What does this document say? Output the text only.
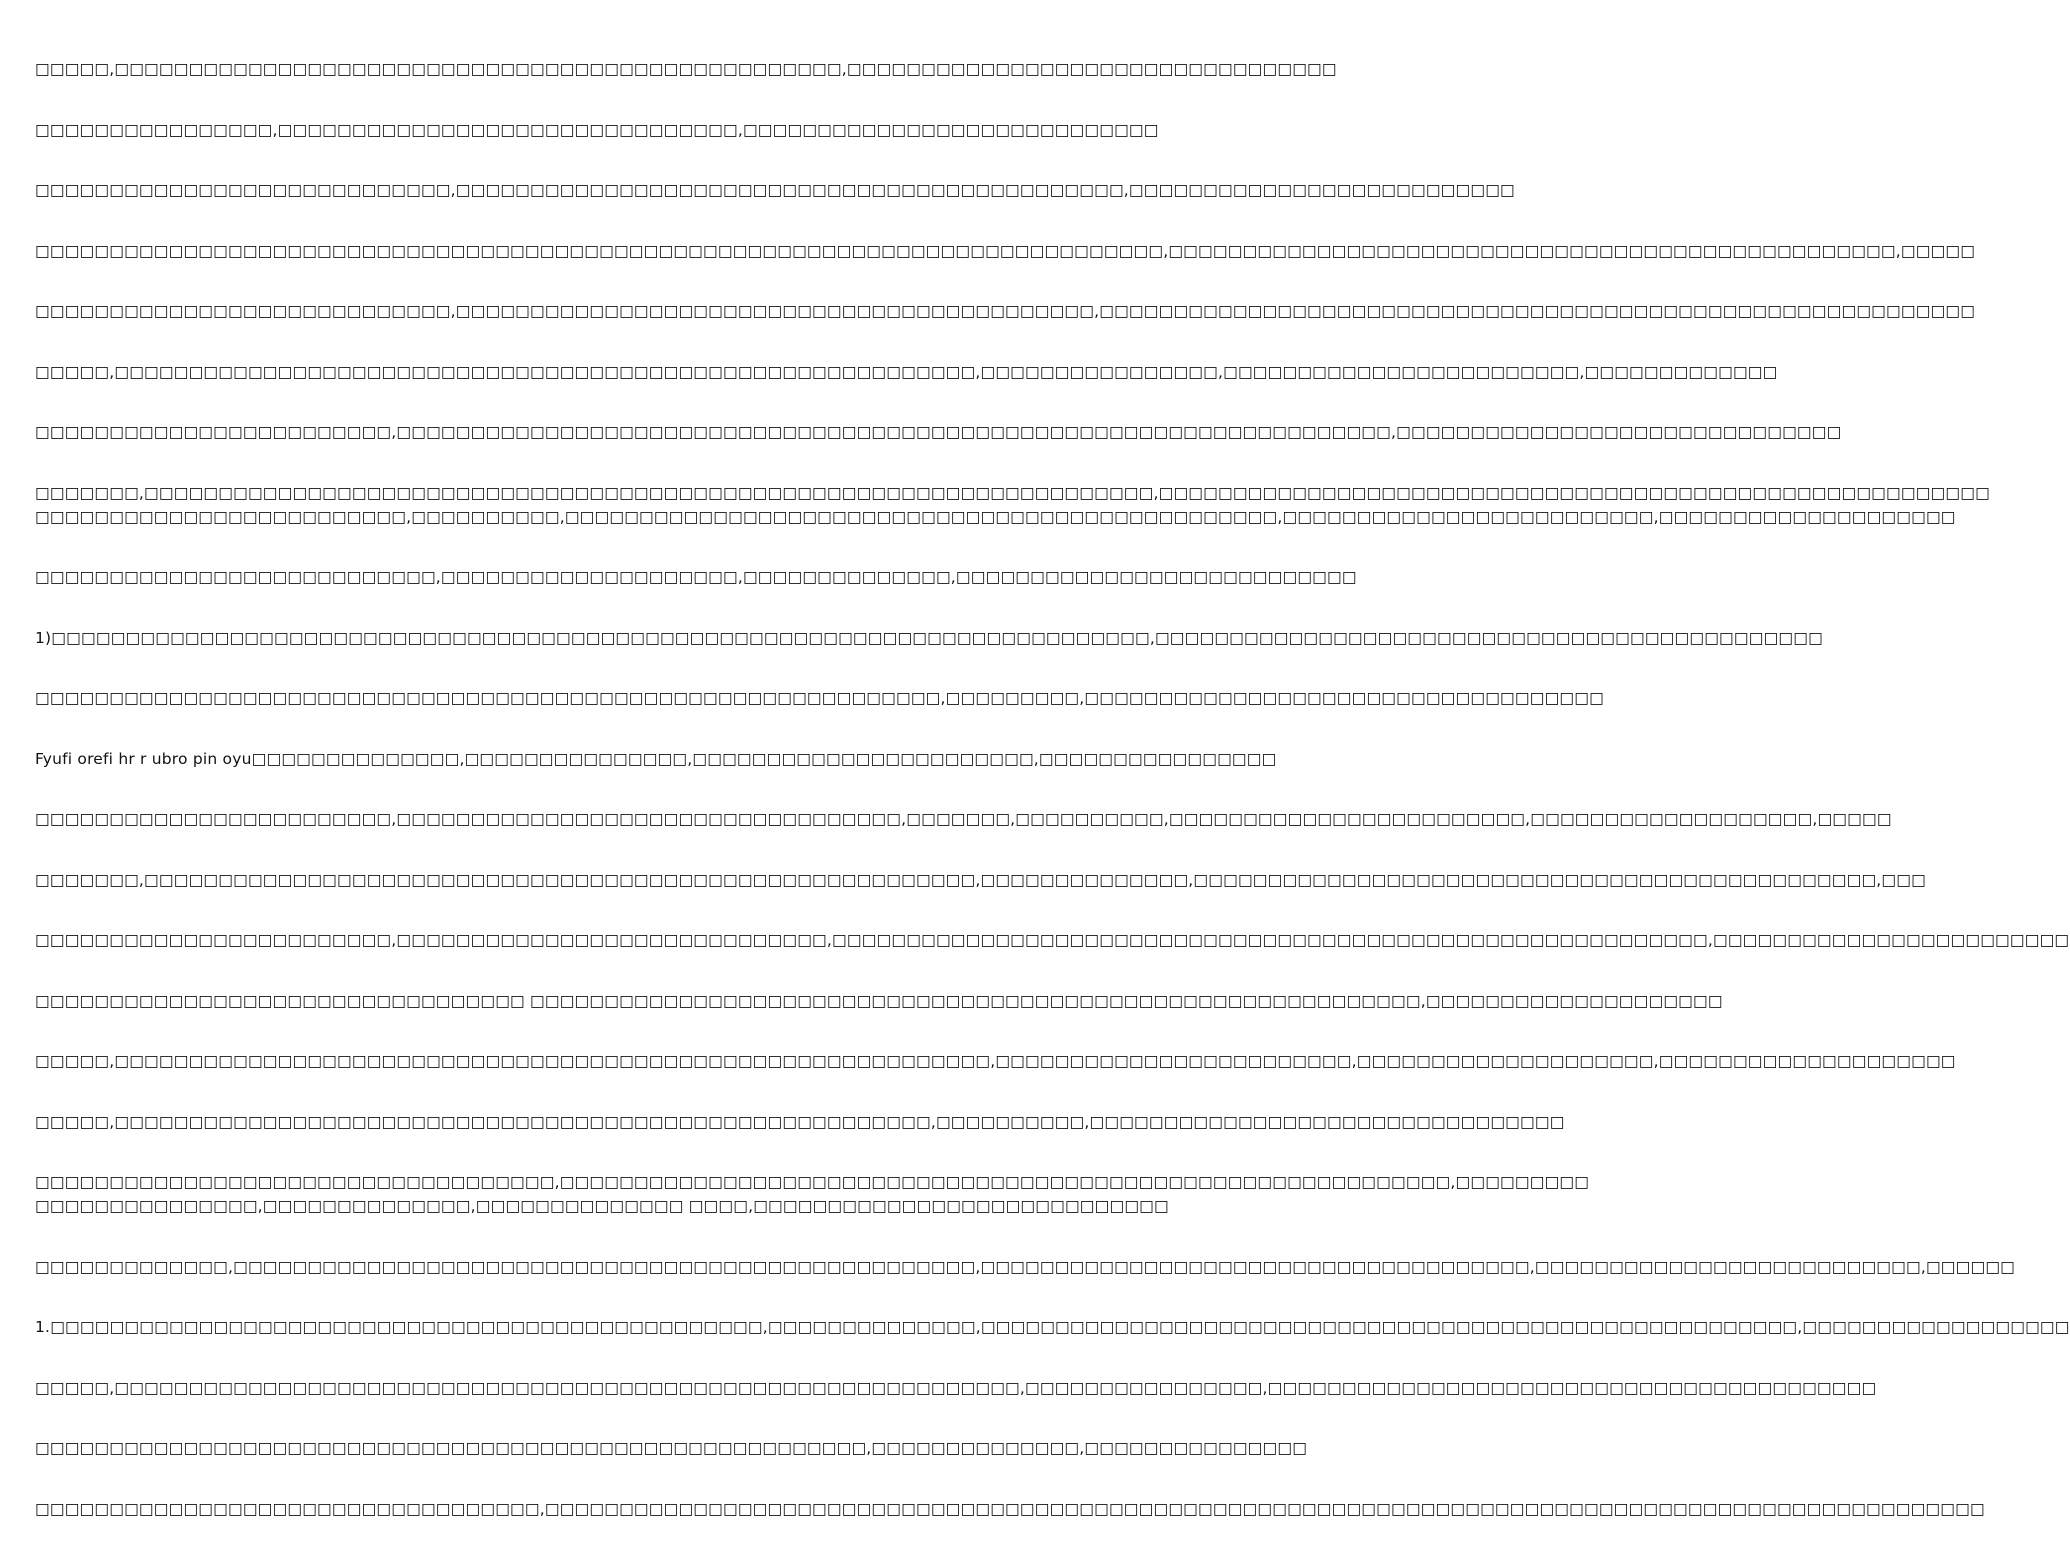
□□□□□,□□□□□□□□□□□□□□□□□□□□□□□□□□□□□□□□□□□□□□□□□□□□□□□□□,□□□□□□□□□□□□□□□□□□□□□□□□□□□□□□□□□

□□□□□□□□□□□□□□□□,□□□□□□□□□□□□□□□□□□□□□□□□□□□□□□□,□□□□□□□□□□□□□□□□□□□□□□□□□□□□

□□□□□□□□□□□□□□□□□□□□□□□□□□□□,□□□□□□□□□□□□□□□□□□□□□□□□□□□□□□□□□□□□□□□□□□□□□,□□□□□□□□□□□□□□□□□□□□□□□□□□

□□□□□□□□□□□□□□□□□□□□□□□□□□□□□□□□□□□□□□□□□□□□□□□□□□□□□□□□□□□□□□□□□□□□□□□□□□□□,□□□□□□□□□□□□□□□□□□□□□□□□□□□□□□□□□□□□□□□□□□□□□□□□□,□□□□□

□□□□□□□□□□□□□□□□□□□□□□□□□□□□,□□□□□□□□□□□□□□□□□□□□□□□□□□□□□□□□□□□□□□□□□□□,□□□□□□□□□□□□□□□□□□□□□□□□□□□□□□□□□□□□□□□□□□□□□□□□□□□□□□□□□□□

□□□□□,□□□□□□□□□□□□□□□□□□□□□□□□□□□□□□□□□□□□□□□□□□□□□□□□□□□□□□□□□□,□□□□□□□□□□□□□□□□,□□□□□□□□□□□□□□□□□□□□□□□□,□□□□□□□□□□□□□

□□□□□□□□□□□□□□□□□□□□□□□□,□□□□□□□□□□□□□□□□□□□□□□□□□□□□□□□□□□□□□□□□□□□□□□□□□□□□□□□□□□□□□□□□□□□,□□□□□□□□□□□□□□□□□□□□□□□□□□□□□□

□□□□□□□,□□□□□□□□□□□□□□□□□□□□□□□□□□□□□□□□□□□□□□□□□□□□□□□□□□□□□□□□□□□□□□□□□□□□,□□□□□□□□□□□□□□□□□□□□□□□□□□□□□□□□□□□□□□□□□□□□□□□□□□□□□□□□
□□□□□□□□□□□□□□□□□□□□□□□□□,□□□□□□□□□□,□□□□□□□□□□□□□□□□□□□□□□□□□□□□□□□□□□□□□□□□□□□□□□□□,□□□□□□□□□□□□□□□□□□□□□□□□□,□□□□□□□□□□□□□□□□□□□□

□□□□□□□□□□□□□□□□□□□□□□□□□□□,□□□□□□□□□□□□□□□□□□□□,□□□□□□□□□□□□□□,□□□□□□□□□□□□□□□□□□□□□□□□□□□

1)□□□□□□□□□□□□□□□□□□□□□□□□□□□□□□□□□□□□□□□□□□□□□□□□□□□□□□□□□□□□□□□□□□□□□□□□□□,□□□□□□□□□□□□□□□□□□□□□□□□□□□□□□□□□□□□□□□□□□□□□

□□□□□□□□□□□□□□□□□□□□□□□□□□□□□□□□□□□□□□□□□□□□□□□□□□□□□□□□□□□□□,□□□□□□□□□,□□□□□□□□□□□□□□□□□□□□□□□□□□□□□□□□□□□

Fyufi orefi hr r ubro pin oyu□□□□□□□□□□□□□□,□□□□□□□□□□□□□□□,□□□□□□□□□□□□□□□□□□□□□□□,□□□□□□□□□□□□□□□□

□□□□□□□□□□□□□□□□□□□□□□□□,□□□□□□□□□□□□□□□□□□□□□□□□□□□□□□□□□□,□□□□□□□,□□□□□□□□□□,□□□□□□□□□□□□□□□□□□□□□□□□,□□□□□□□□□□□□□□□□□□□,□□□□□

□□□□□□□,□□□□□□□□□□□□□□□□□□□□□□□□□□□□□□□□□□□□□□□□□□□□□□□□□□□□□□□□,□□□□□□□□□□□□□□,□□□□□□□□□□□□□□□□□□□□□□□□□□□□□□□□□□□□□□□□□□□□□□,□□□

□□□□□□□□□□□□□□□□□□□□□□□□,□□□□□□□□□□□□□□□□□□□□□□□□□□□□□,□□□□□□□□□□□□□□□□□□□□□□□□□□□□□□□□□□□□□□□□□□□□□□□□□□□□□□□□□□□,□□□□□□□□□□□□□□□□□□□□□□□□

□□□□□□□□□□□□□□□□□□□□□□□□□□□□□□□□□ □□□□□□□□□□□□□□□□□□□□□□□□□□□□□□□□□□□□□□□□□□□□□□□□□□□□□□□□□□□□,□□□□□□□□□□□□□□□□□□□□

□□□□□,□□□□□□□□□□□□□□□□□□□□□□□□□□□□□□□□□□□□□□□□□□□□□□□□□□□□□□□□□□□,□□□□□□□□□□□□□□□□□□□□□□□□,□□□□□□□□□□□□□□□□□□□□,□□□□□□□□□□□□□□□□□□□□

□□□□□,□□□□□□□□□□□□□□□□□□□□□□□□□□□□□□□□□□□□□□□□□□□□□□□□□□□□□□□,□□□□□□□□□□,□□□□□□□□□□□□□□□□□□□□□□□□□□□□□□□□

□□□□□□□□□□□□□□□□□□□□□□□□□□□□□□□□□□□,□□□□□□□□□□□□□□□□□□□□□□□□□□□□□□□□□□□□□□□□□□□□□□□□□□□□□□□□□□□□,□□□□□□□□□
□□□□□□□□□□□□□□□,□□□□□□□□□□□□□□,□□□□□□□□□□□□□□ □□□□,□□□□□□□□□□□□□□□□□□□□□□□□□□□□

□□□□□□□□□□□□□,□□□□□□□□□□□□□□□□□□□□□□□□□□□□□□□□□□□□□□□□□□□□□□□□□□,□□□□□□□□□□□□□□□□□□□□□□□□□□□□□□□□□□□□□,□□□□□□□□□□□□□□□□□□□□□□□□□□,□□□□□□

1.□□□□□□□□□□□□□□□□□□□□□□□□□□□□□□□□□□□□□□□□□□□□□□□□,□□□□□□□□□□□□□□,□□□□□□□□□□□□□□□□□□□□□□□□□□□□□□□□□□□□□□□□□□□□□□□□□□□□□□□,□□□□□□□□□□□□□□□□□□

□□□□□,□□□□□□□□□□□□□□□□□□□□□□□□□□□□□□□□□□□□□□□□□□□□□□□□□□□□□□□□□□□□□,□□□□□□□□□□□□□□□□,□□□□□□□□□□□□□□□□□□□□□□□□□□□□□□□□□□□□□□□□□

□□□□□□□□□□□□□□□□□□□□□□□□□□□□□□□□□□□□□□□□□□□□□□□□□□□□□□□□,□□□□□□□□□□□□□□,□□□□□□□□□□□□□□□

□□□□□□□□□□□□□□□□□□□□□□□□□□□□□□□□□□,□□□□□□□□□□□□□□□□□□□□□□□□□□□□□□□□□□□□□□□□□□□□□□□□□□□□□□□□□□□□□□□□□□□□□□□□□□□□□□□□□□□□□□□□□□□□□□□□□
